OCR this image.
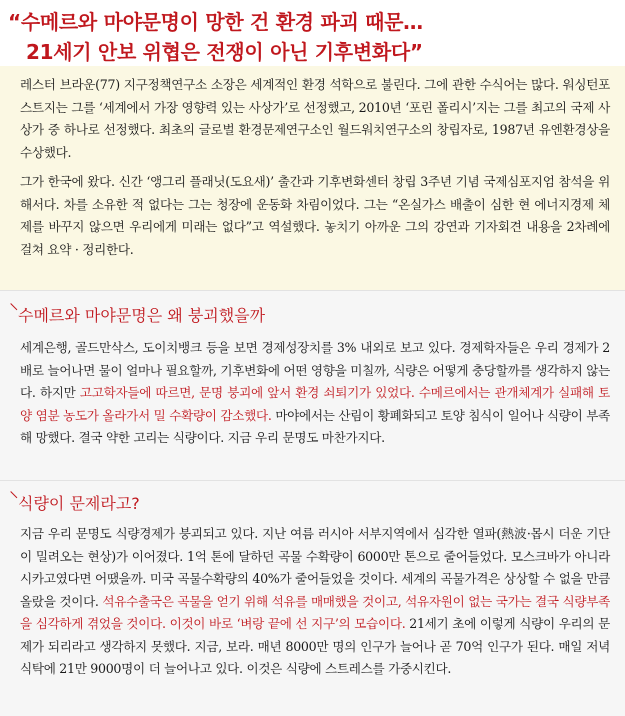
“수메르와 마야문명이 망한 건 환경 파괴 때문…
21세기 안보 위협은 전쟁이 아닌 기후변화다”

레스터 브라운(77) 지구정책연구소 소장은 세계적인 환경 석학으로 불린다. 그에 관한 수식어는 많다. 워싱턴포스트지는 그를 ‘세계에서 가장 영향력 있는 사상가’로 선정했고, 2010년 ‘포린 폴리시’지는 그를 최고의 국제 사상가 중 하나로 선정했다. 최초의 글로벌 환경문제연구소인 월드워치연구소의 창립자로, 1987년 유엔환경상을 수상했다.

그가 한국에 왔다. 신간 ‘앵그리 플래닛(도요새)’ 출간과 기후변화센터 창립 3주년 기념 국제심포지엄 참석을 위해서다. 차를 소유한 적 없다는 그는 청장에 운동화 차림이었다. 그는 “온실가스 배출이 심한 현 에너지경제 체제를 바꾸지 않으면 우리에게 미래는 없다”고 역설했다. 놓치기 아까운 그의 강연과 기자회견 내용을 2차례에 걸쳐 요약 · 정리한다.

수메르와 마야문명은 왜 붕괴했을까

세계은행, 골드만삭스, 도이치뱅크 등을 보면 경제성장치를 3% 내외로 보고 있다. 경제학자들은 우리 경제가 2배로 늘어나면 물이 얼마나 필요할까, 기후변화에 어떤 영향을 미칠까, 식량은 어떻게 충당할까를 생각하지 않는다. 하지만 고고학자들에 따르면, 문명 붕괴에 앞서 환경 쇠퇴기가 있었다. 수메르에서는 관개체계가 실패해 토양 염분 농도가 올라가서 밀 수확량이 감소했다. 마야에서는 산림이 황폐화되고 토양 침식이 일어나 식량이 부족해 망했다. 결국 약한 고리는 식량이다. 지금 우리 문명도 마찬가지다.

식량이 문제라고?

지금 우리 문명도 식량경제가 붕괴되고 있다. 지난 여름 러시아 서부지역에서 심각한 열파(熱波·몹시 더운 기단이 밀려오는 현상)가 이어졌다. 1억 톤에 달하던 곡물 수확량이 6000만 톤으로 줄어들었다. 모스크바가 아니라 시카고였다면 어땠을까. 미국 곡물수확량의 40%가 줄어들었을 것이다. 세계의 곡물가격은 상상할 수 없을 만큼 올랐을 것이다. 석유수출국은 곡물을 얻기 위해 석유를 매매했을 것이고, 석유자원이 없는 국가는 결국 식량부족을 심각하게 겪었을 것이다. 이것이 바로 ‘벼랑 끝에 선 지구’의 모습이다. 21세기 초에 이렇게 식량이 우리의 문제가 되리라고 생각하지 못했다. 지금, 보라. 매년 8000만 명의 인구가 늘어나 곧 70억 인구가 된다. 매일 저녁 식탁에 21만 9000명이 더 늘어나고 있다. 이것은 식량에 스트레스를 가중시킨다.
